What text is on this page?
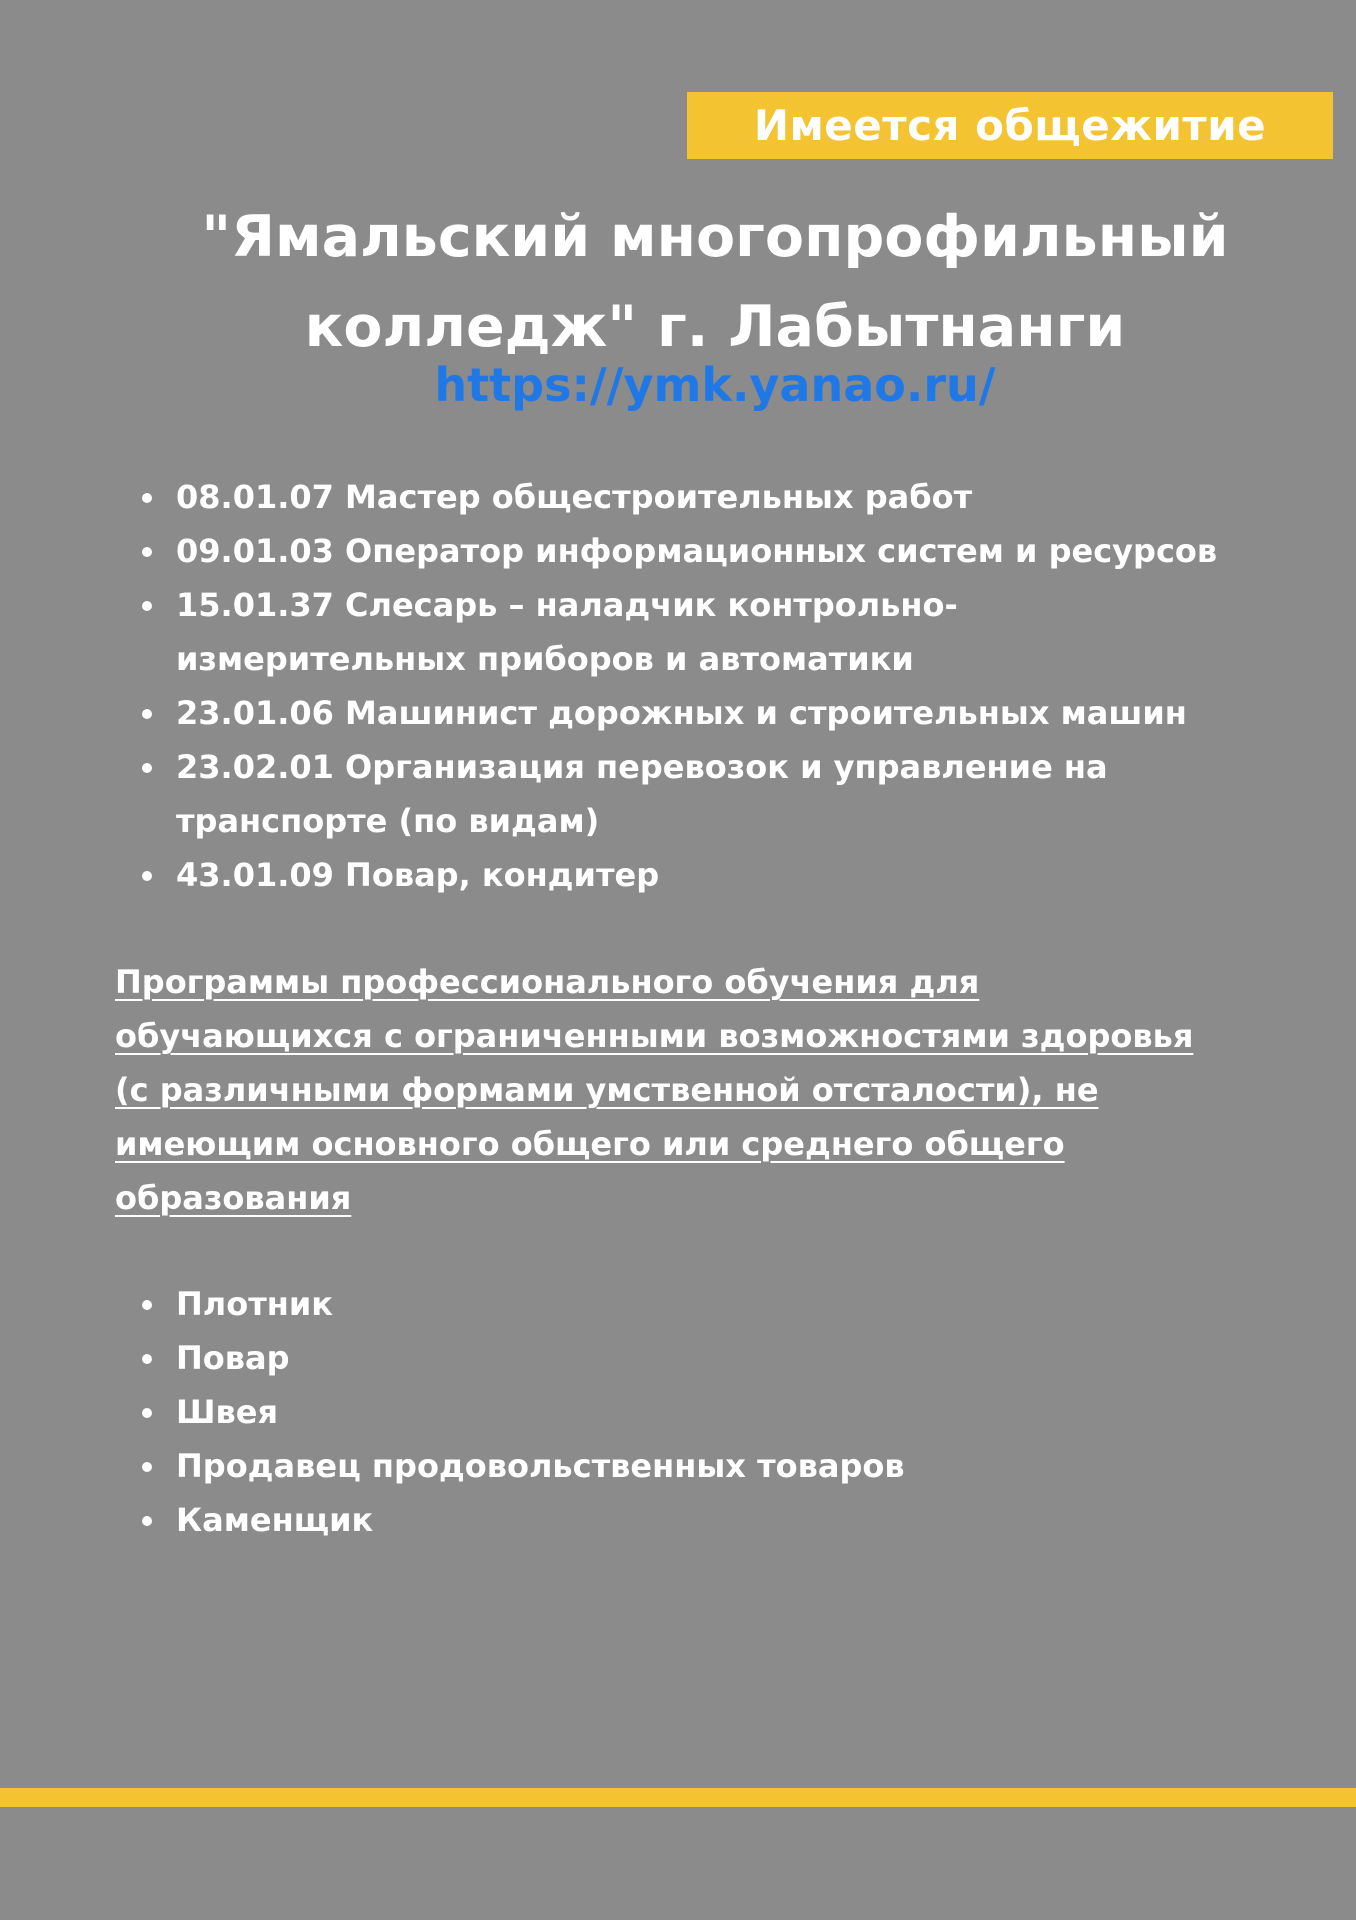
Имеется общежитие
"Ямальский многопрофильный
колледж" г. Лабытнанги
https://ymk.yanao.ru/
08.01.07 Мастер общестроительных работ
09.01.03 Оператор информационных систем и ресурсов
15.01.37 Слесарь – наладчик контрольно-
измерительных приборов и автоматики
23.01.06 Машинист дорожных и строительных машин
23.02.01 Организация перевозок и управление на
транспорте (по видам)
43.01.09 Повар, кондитер
Программы профессионального обучения для
обучающихся с ограниченными возможностями здоровья
(с различными формами умственной отсталости), не
имеющим основного общего или среднего общего
образования
Плотник
Повар
Швея
Продавец продовольственных товаров
Каменщик
